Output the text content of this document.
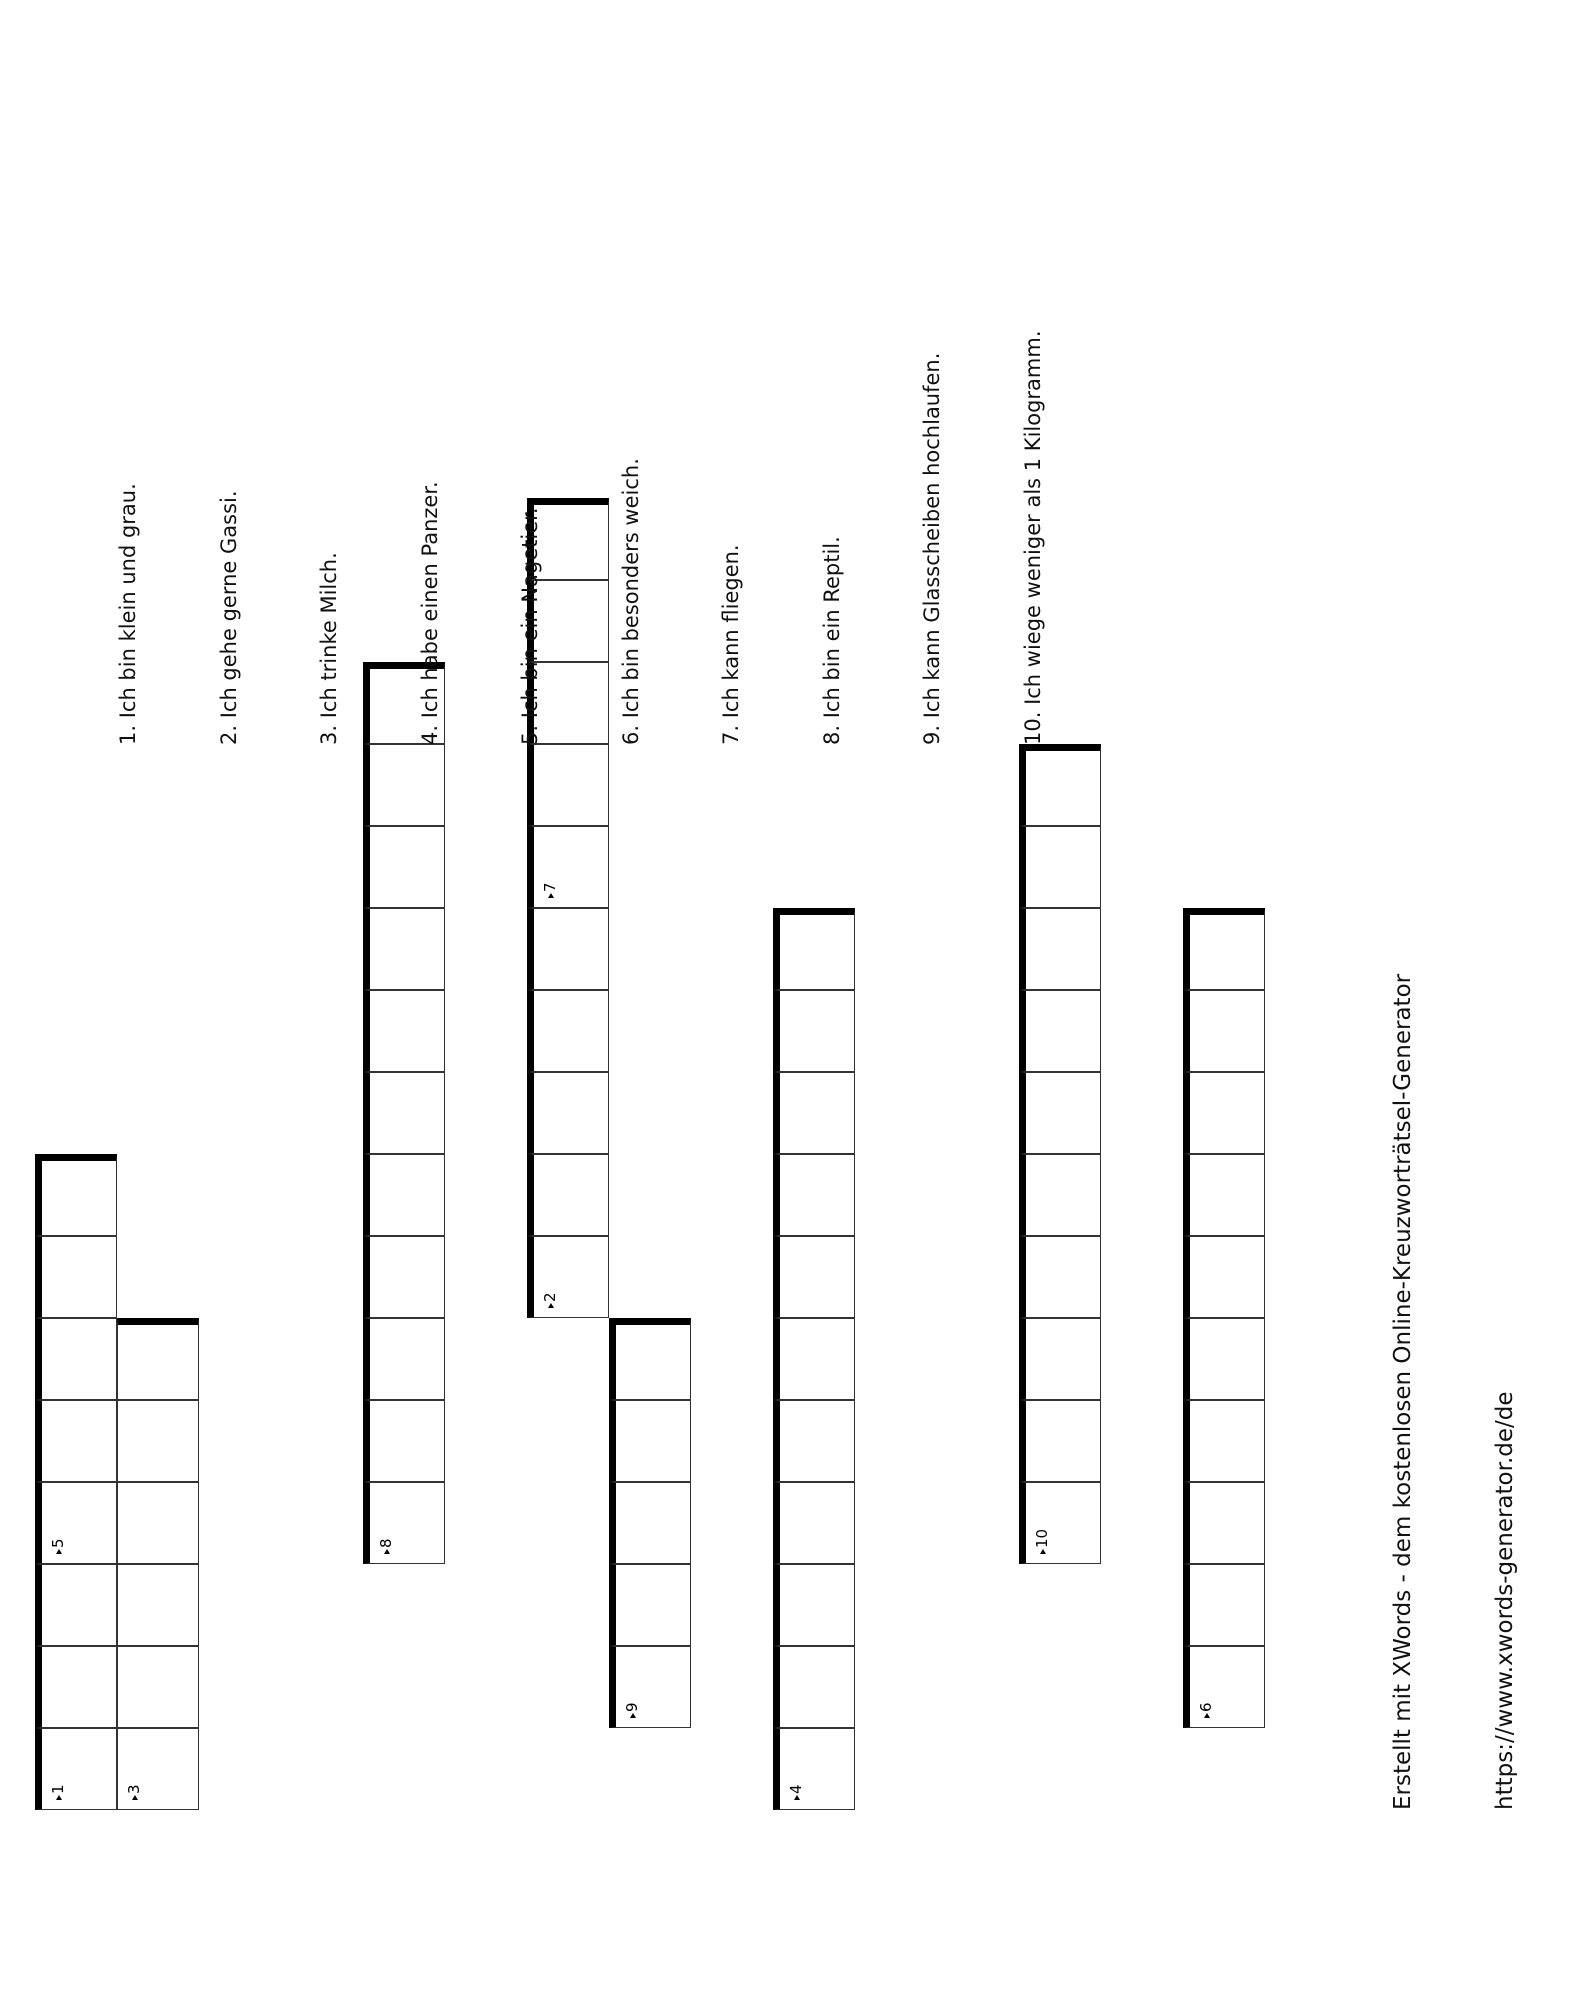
1
5
2
7
3	4
6
8
9
10

1. Ich bin klein und grau.

	2. Ich gehe gerne Gassi.

	3. Ich trinke Milch.

	4. Ich habe einen Panzer.

	5. Ich bin ein Nagetier.

	6. Ich bin besonders weich.

	7. Ich kann fliegen.

	8. Ich bin ein Reptil.

	9. Ich kann Glasscheiben hochlaufen.

	10. Ich wiege weniger als 1 Kilogramm.

Erstellt mit XWords - dem kostenlosen Online-Kreuzworträtsel-Generator

	https://www.xwords-generator.de/de
